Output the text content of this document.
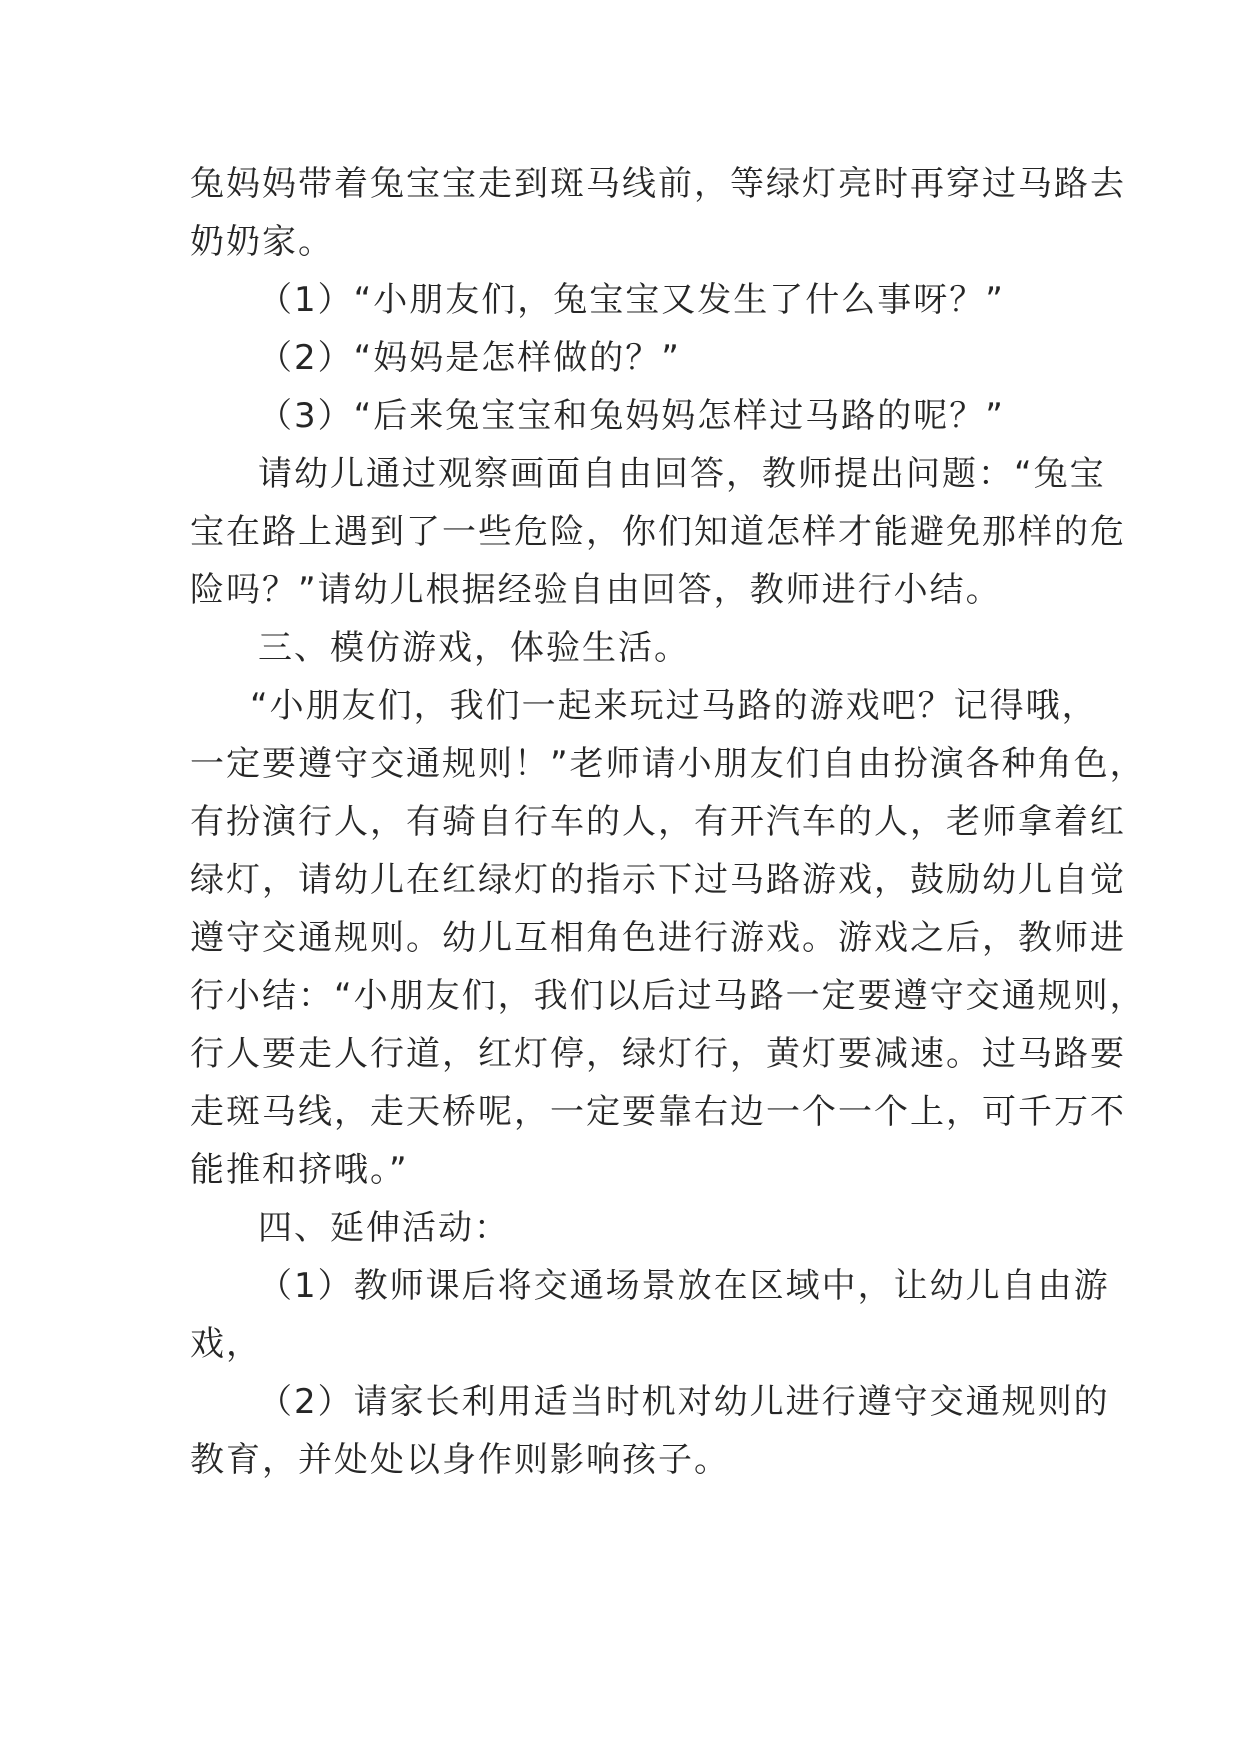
兔妈妈带着兔宝宝走到斑马线前，等绿灯亮时再穿过马路去
奶奶家。
（1）“小朋友们，兔宝宝又发生了什么事呀？”
（2）“妈妈是怎样做的？”
（3）“后来兔宝宝和兔妈妈怎样过马路的呢？”
请幼儿通过观察画面自由回答，教师提出问题：“兔宝
宝在路上遇到了一些危险，你们知道怎样才能避免那样的危
险吗？”请幼儿根据经验自由回答，教师进行小结。
三、模仿游戏，体验生活。
“小朋友们，我们一起来玩过马路的游戏吧？记得哦，
一定要遵守交通规则！”老师请小朋友们自由扮演各种角色，
有扮演行人，有骑自行车的人，有开汽车的人，老师拿着红
绿灯，请幼儿在红绿灯的指示下过马路游戏，鼓励幼儿自觉
遵守交通规则。幼儿互相角色进行游戏。游戏之后，教师进
行小结：“小朋友们，我们以后过马路一定要遵守交通规则，
行人要走人行道，红灯停，绿灯行，黄灯要减速。过马路要
走斑马线，走天桥呢，一定要靠右边一个一个上，可千万不
能推和挤哦。”
四、延伸活动：
（1）教师课后将交通场景放在区域中，让幼儿自由游
戏，
（2）请家长利用适当时机对幼儿进行遵守交通规则的
教育，并处处以身作则影响孩子。
